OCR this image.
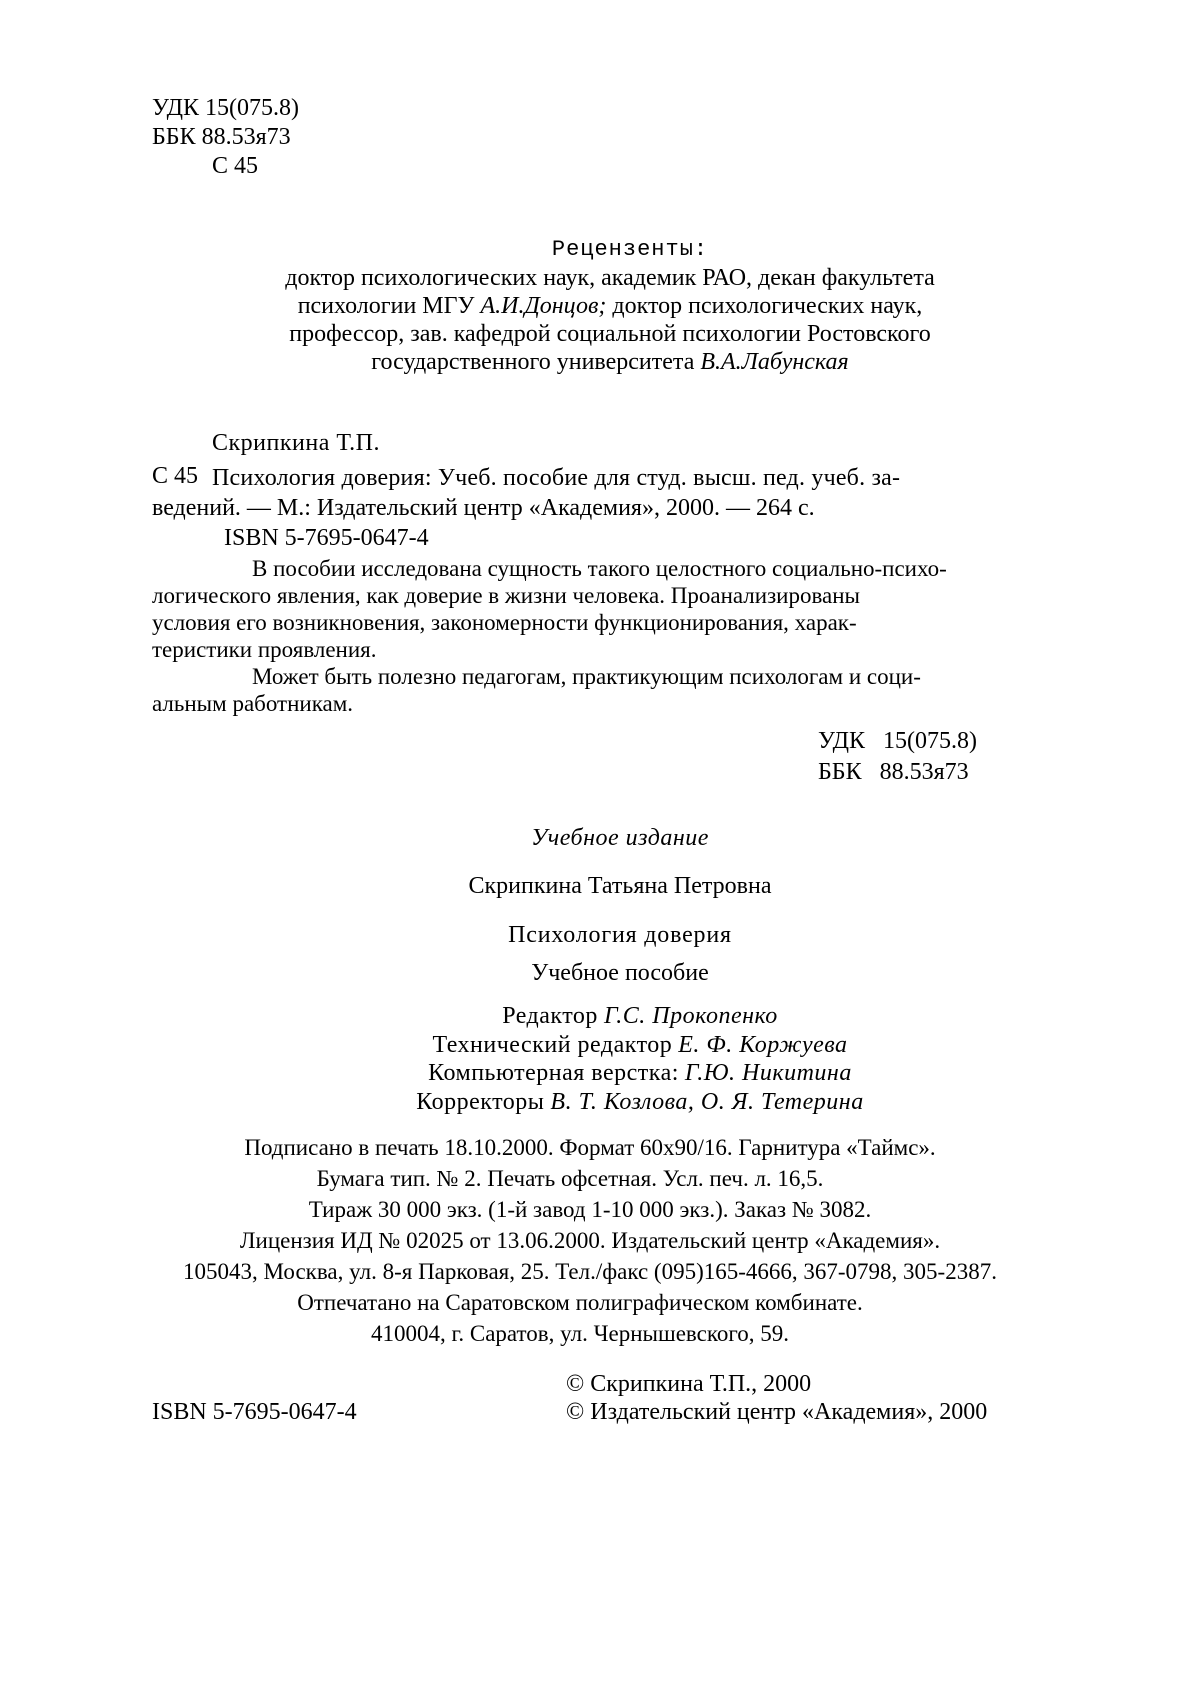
УДК 15(075.8)
ББК 88.53я73
С 45
Рецензенты:
доктор психологических наук, академик РАО, декан факультета
психологии МГУ А.И.Донцов; доктор психологических наук,
профессор, зав. кафедрой социальной психологии Ростовского
государственного университета В.А.Лабунская
Скрипкина Т.П.
С 45 Психология доверия: Учеб. пособие для студ. высш. пед. учеб. за-
ведений. — М.: Издательский центр «Академия», 2000. — 264 с.
ISBN 5-7695-0647-4
В пособии исследована сущность такого целостного социально-психо-
логического явления, как доверие в жизни человека. Проанализированы
условия его возникновения, закономерности функционирования, харак-
теристики проявления.
Может быть полезно педагогам, практикующим психологам и соци-
альным работникам.
УДК 15(075.8)
ББК 88.53я73
Учебное издание
Скрипкина Татьяна Петровна
Психология доверия
Учебное пособие
Редактор Г.С. Прокопенко
Технический редактор Е. Ф. Коржуева
Компьютерная верстка: Г.Ю. Никитина
Корректоры В. Т. Козлова, О. Я. Тетерина
Подписано в печать 18.10.2000. Формат 60х90/16. Гарнитура «Таймс».
Бумага тип. № 2. Печать офсетная. Усл. печ. л. 16,5.
Тираж 30 000 экз. (1-й завод 1-10 000 экз.). Заказ № 3082.
Лицензия ИД № 02025 от 13.06.2000. Издательский центр «Академия».
105043, Москва, ул. 8-я Парковая, 25. Тел./факс (095)165-4666, 367-0798, 305-2387.
Отпечатано на Саратовском полиграфическом комбинате.
410004, г. Саратов, ул. Чернышевского, 59.
© Скрипкина Т.П., 2000
ISBN 5-7695-0647-4	© Издательский центр «Академия», 2000
